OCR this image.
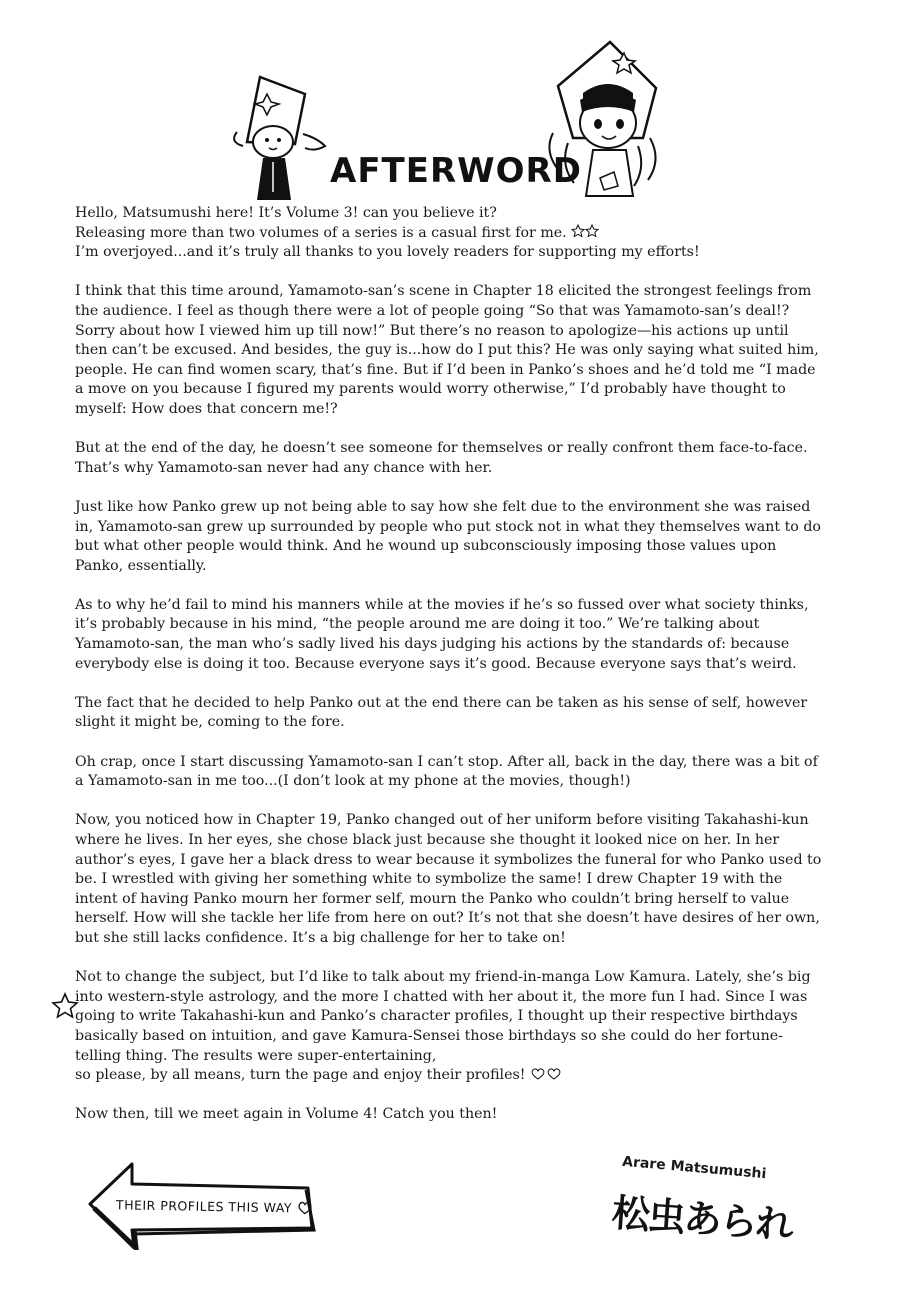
AFTERWORD

Hello, Matsumushi here! It’s Volume 3! can you believe it?
Releasing more than two volumes of a series is a casual first for me.
I’m overjoyed...and it’s truly all thanks to you lovely readers for supporting my efforts!

I think that this time around, Yamamoto-san’s scene in Chapter 18 elicited the strongest feelings from the audience. I feel as though there were a lot of people going “So that was Yamamoto-san’s deal!? Sorry about how I viewed him up till now!” But there’s no reason to apologize—his actions up until then can’t be excused. And besides, the guy is...how do I put this? He was only saying what suited him, people. He can find women scary, that’s fine. But if I’d been in Panko’s shoes and he’d told me “I made a move on you because I figured my parents would worry otherwise,” I’d probably have thought to myself: How does that concern me!?

But at the end of the day, he doesn’t see someone for themselves or really confront them face-to-face. That’s why Yamamoto-san never had any chance with her.

Just like how Panko grew up not being able to say how she felt due to the environment she was raised in, Yamamoto-san grew up surrounded by people who put stock not in what they themselves want to do but what other people would think. And he wound up subconsciously imposing those values upon Panko, essentially.

As to why he’d fail to mind his manners while at the movies if he’s so fussed over what society thinks, it’s probably because in his mind, “the people around me are doing it too.” We’re talking about Yamamoto-san, the man who’s sadly lived his days judging his actions by the standards of: because everybody else is doing it too. Because everyone says it’s good. Because everyone says that’s weird.

The fact that he decided to help Panko out at the end there can be taken as his sense of self, however slight it might be, coming to the fore.

Oh crap, once I start discussing Yamamoto-san I can’t stop. After all, back in the day, there was a bit of a Yamamoto-san in me too...(I don’t look at my phone at the movies, though!)

Now, you noticed how in Chapter 19, Panko changed out of her uniform before visiting Takahashi-kun where he lives. In her eyes, she chose black just because she thought it looked nice on her. In her author’s eyes, I gave her a black dress to wear because it symbolizes the funeral for who Panko used to be. I wrestled with giving her something white to symbolize the same! I drew Chapter 19 with the intent of having Panko mourn her former self, mourn the Panko who couldn’t bring herself to value herself. How will she tackle her life from here on out? It’s not that she doesn’t have desires of her own, but she still lacks confidence. It’s a big challenge for her to take on!

Not to change the subject, but I’d like to talk about my friend-in-manga Low Kamura. Lately, she’s big into western-style astrology, and the more I chatted with her about it, the more fun I had. Since I was going to write Takahashi-kun and Panko’s character profiles, I thought up their respective birthdays basically based on intuition, and gave Kamura-Sensei those birthdays so she could do her fortune-telling thing. The results were super-entertaining,
so please, by all means, turn the page and enjoy their profiles!

Now then, till we meet again in Volume 4! Catch you then!

THEIR PROFILES THIS WAY
Arare Matsumushi
松虫あられ
